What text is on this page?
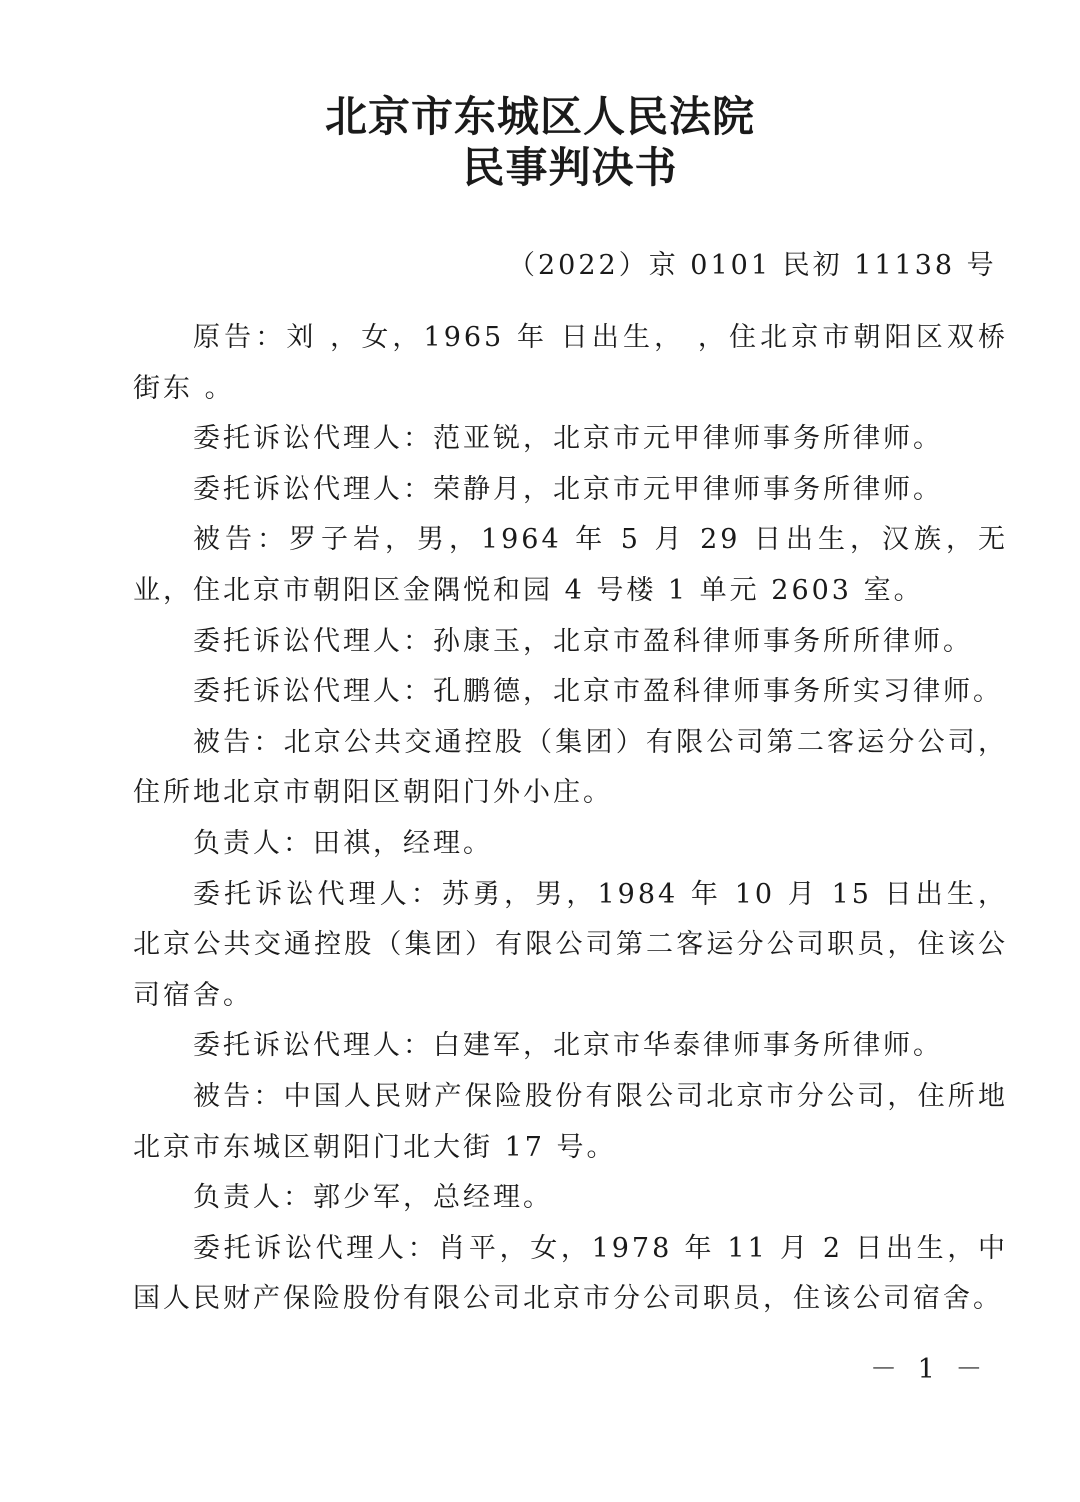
北京市东城区人民法院
民事判决书
（2022）京 0101 民初 11138 号

原告：刘 ，女，1965 年 日出生， ，住北京市朝阳区双桥街东 。

委托诉讼代理人：范亚锐，北京市元甲律师事务所律师。

委托诉讼代理人：荣静月，北京市元甲律师事务所律师。

被告：罗子岩，男，1964 年 5 月 29 日出生，汉族，无业，住北京市朝阳区金隅悦和园 4 号楼 1 单元 2603 室。

委托诉讼代理人：孙康玉，北京市盈科律师事务所所律师。

委托诉讼代理人：孔鹏德，北京市盈科律师事务所实习律师。

被告：北京公共交通控股（集团）有限公司第二客运分公司，住所地北京市朝阳区朝阳门外小庄。

负责人：田祺，经理。

委托诉讼代理人：苏勇，男，1984 年 10 月 15 日出生，北京公共交通控股（集团）有限公司第二客运分公司职员，住该公司宿舍。

委托诉讼代理人：白建军，北京市华泰律师事务所律师。

被告：中国人民财产保险股份有限公司北京市分公司，住所地北京市东城区朝阳门北大街 17 号。

负责人：郭少军，总经理。

委托诉讼代理人：肖平，女，1978 年 11 月 2 日出生，中国人民财产保险股份有限公司北京市分公司职员，住该公司宿舍。

－ 1 －
